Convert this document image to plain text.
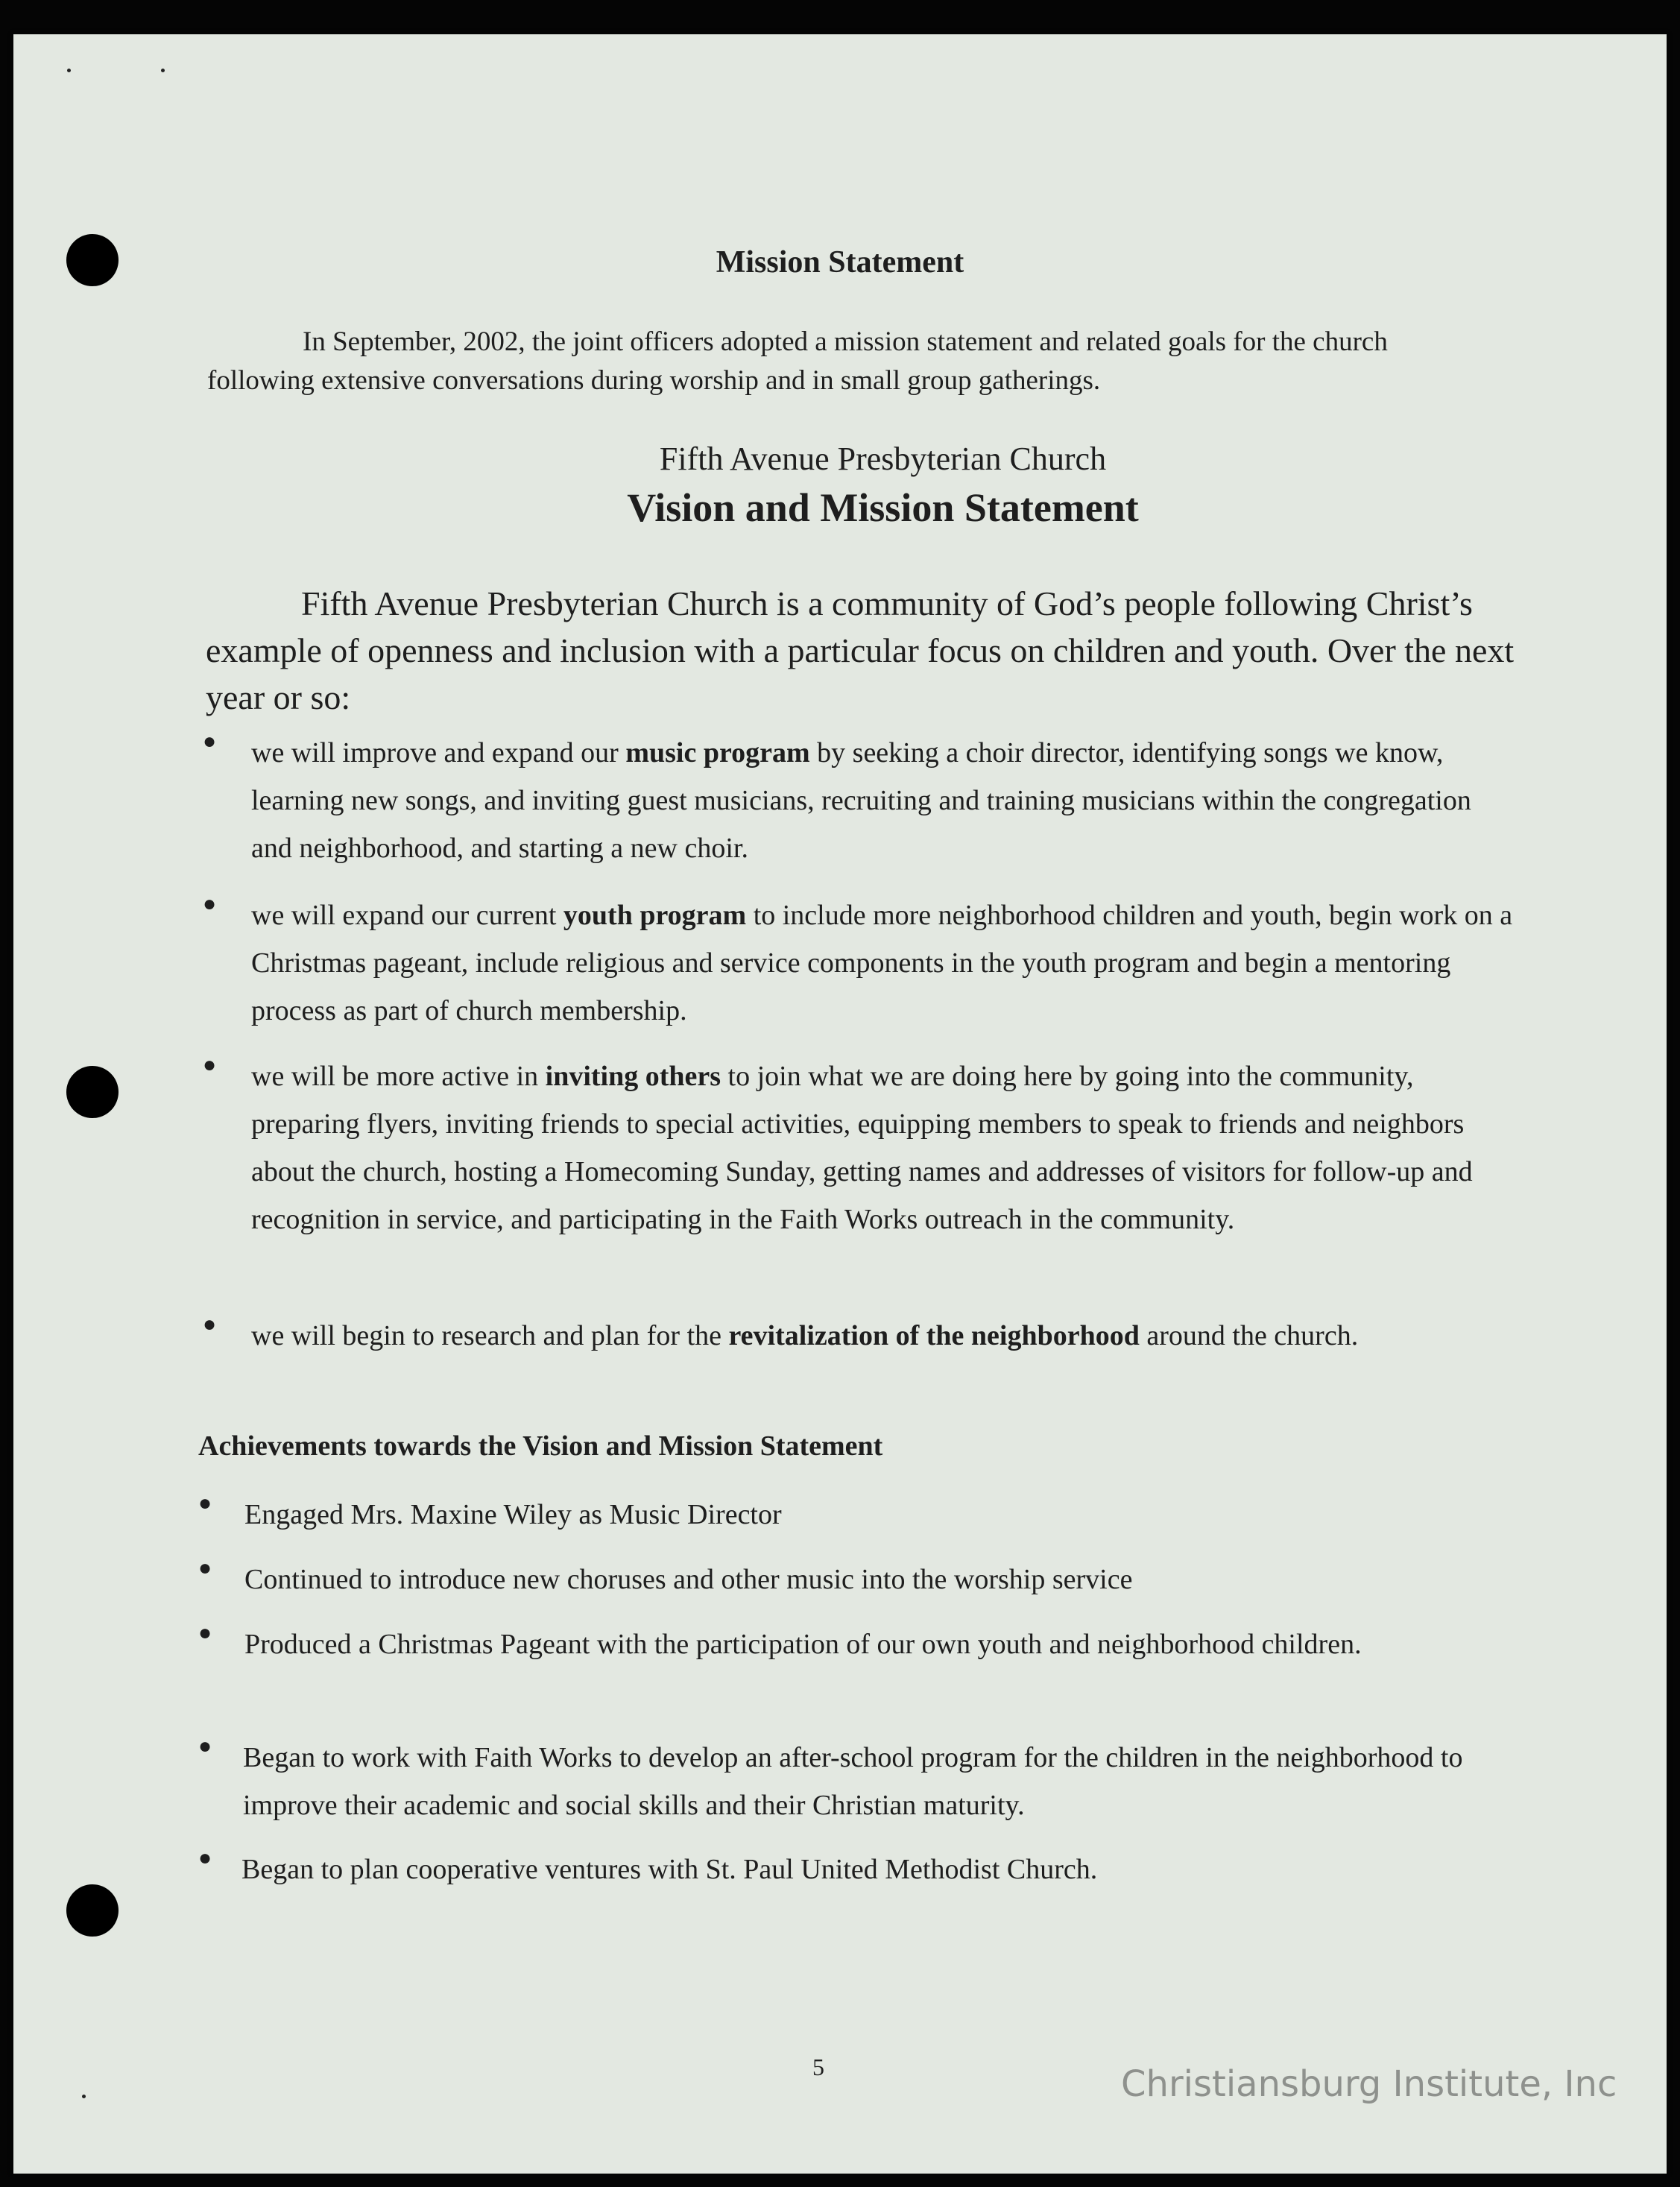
Mission Statement
In September, 2002, the joint officers adopted a mission statement and related goals for the church following extensive conversations during worship and in small group gatherings.
Fifth Avenue Presbyterian Church
Vision and Mission Statement
Fifth Avenue Presbyterian Church is a community of God’s people following Christ’s example of openness and inclusion with a particular focus on children and youth. Over the next year or so:
● we will improve and expand our music program by seeking a choir director, identifying songs we know, learning new songs, and inviting guest musicians, recruiting and training musicians within the congregation and neighborhood, and starting a new choir.
● we will expand our current youth program to include more neighborhood children and youth, begin work on a Christmas pageant, include religious and service components in the youth program and begin a mentoring process as part of church membership.
● we will be more active in inviting others to join what we are doing here by going into the community, preparing flyers, inviting friends to special activities, equipping members to speak to friends and neighbors about the church, hosting a Homecoming Sunday, getting names and addresses of visitors for follow-up and recognition in service, and participating in the Faith Works outreach in the community.
● we will begin to research and plan for the revitalization of the neighborhood around the church.
Achievements towards the Vision and Mission Statement
● Engaged Mrs. Maxine Wiley as Music Director
● Continued to introduce new choruses and other music into the worship service
● Produced a Christmas Pageant with the participation of our own youth and neighborhood children.
● Began to work with Faith Works to develop an after-school program for the children in the neighborhood to improve their academic and social skills and their Christian maturity.
● Began to plan cooperative ventures with St. Paul United Methodist Church.
5	Christiansburg Institute, Inc
